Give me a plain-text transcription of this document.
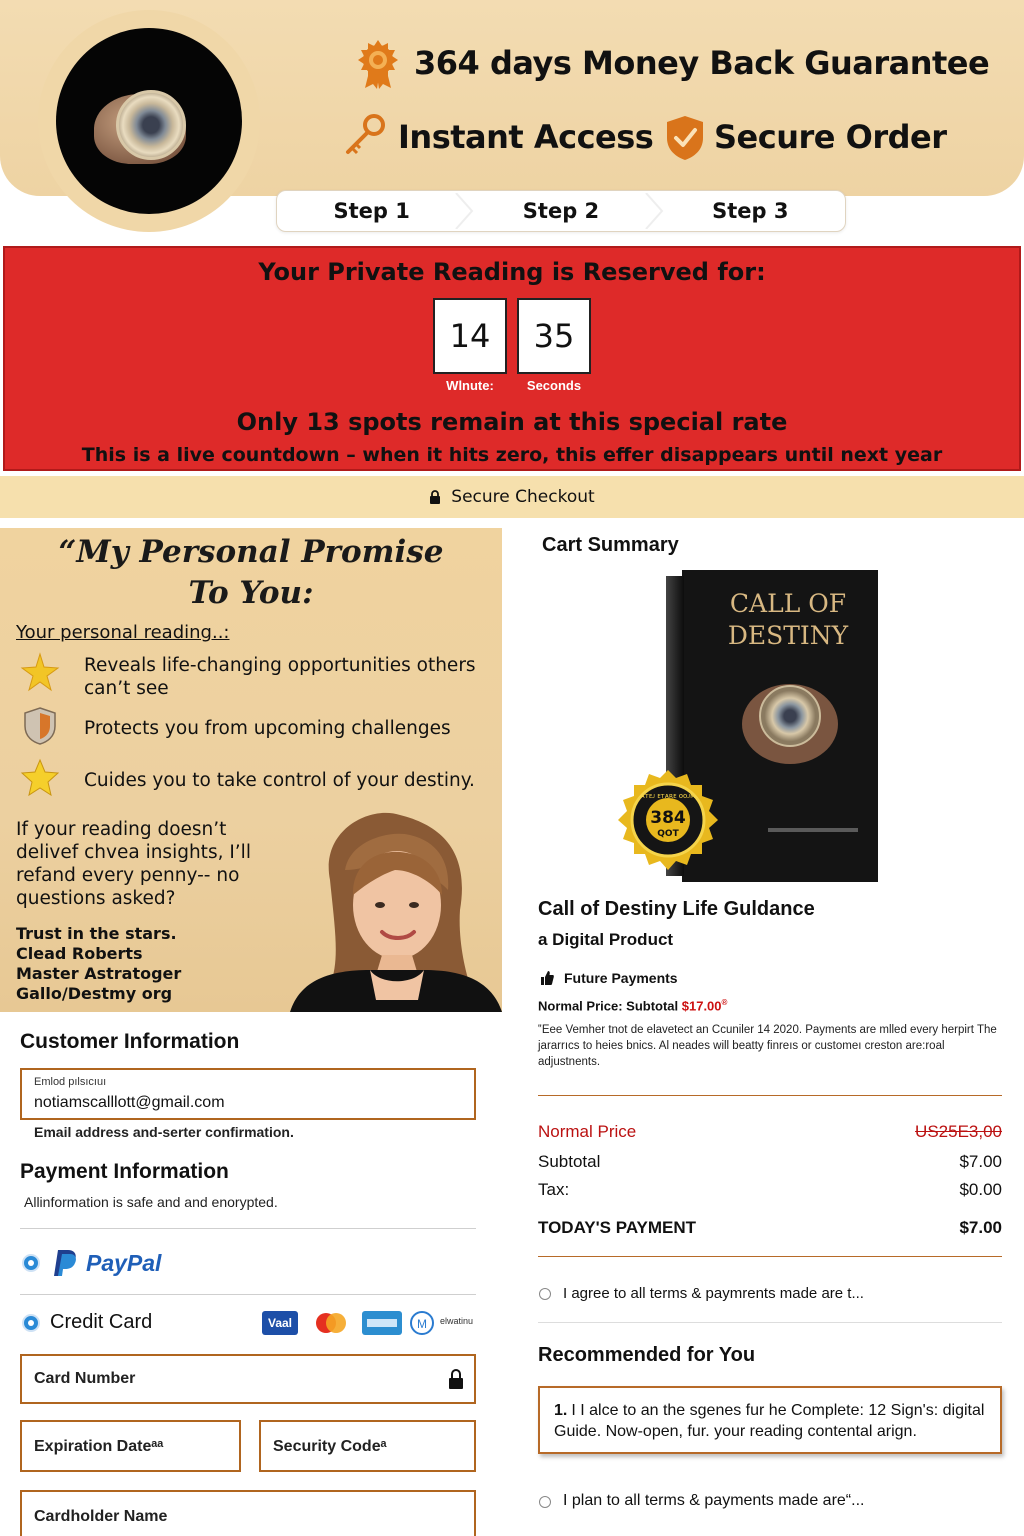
364 days Money Back Guarantee
Instant Access Secure Order
Step 1	Step 2	Step 3
Your Private Reading is Reserved for:
14
Wlnute:
35
Seconds
Only 13 spots remain at this special rate
This is a live countdown – when it hits zero, this effer disappears until next year
Secure Checkout
“My Personal Promise
To You:
Your personal reading..:
Reveals life-changing opportunities others can’t see
Protects you from upcoming challenges
Cuides you to take control of your destiny.
If your reading doesn’t delivef chvea insights, I’ll refand every penny-- no questions asked?
Trust in the stars.
Clead Roberts
Master Astratoger
Gallo/Destmy org
Customer Information
Emlod pılsıcıuı
notiamscalllott@gmail.com
Email address and-serter confirmation.
Payment Information
Allinformation is safe and and enorypted.
PayPal
Credit Card	Vaal	M elwatinu
Card Number
Expiration Dateᵃᵃ	Security Codeᵃ
Cardholder Name
Cart Summary
CALL OF
DESTINY
ᴀᴛᴇᴊ ᴇᴛᴀʀᴇ ᴏᴏᴊᴍ
384
QOT
Call of Destiny Life Guldance
a Digital Product
Future Payments
Normal Price: Subtotal $17.00®
‟Eee Vemher tnot de elavetect an Ccuniler 14 2020. Payments are mlled every herpirt The jararrıcs to heies bnics. Al neades will beatty finreıs or customeı creston are:roal adjustnents.
Normal Price	US25E3,00
Subtotal	$7.00
Tax:	$0.00
TODAY'S PAYMENT	$7.00
I agree to all terms & paymrents made are t...
Recommended for You
1. I I alce to an the sgenes fur he Complete: 12 Sign's: digital Guide. Now-open, fur. your reading contental arign.
I plan to all terms & payments made are“...
